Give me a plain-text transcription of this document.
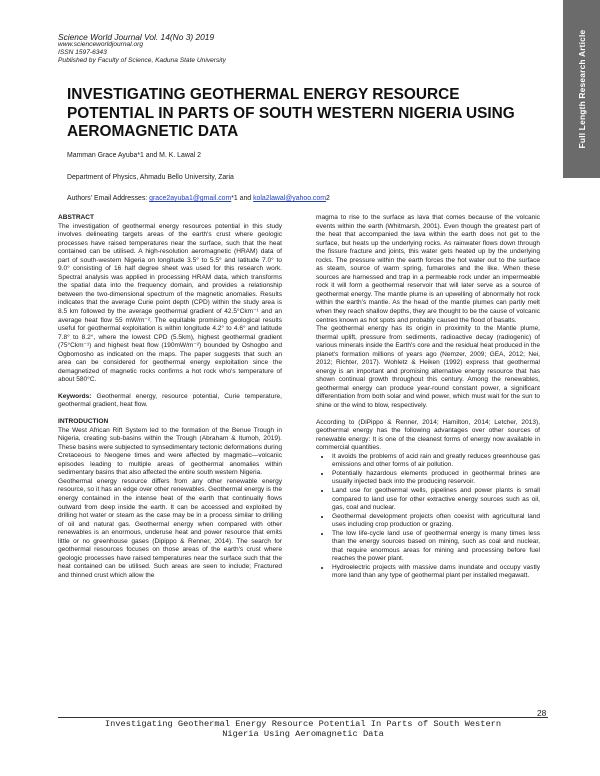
Science World Journal Vol. 14(No 3) 2019
www.scienceworldjournal.org
ISSN 1597-6343
Published by Faculty of Science, Kaduna State University	Full Length Research Article
INVESTIGATING GEOTHERMAL ENERGY RESOURCE POTENTIAL IN PARTS OF SOUTH WESTERN NIGERIA USING AEROMAGNETIC DATA
Mamman Grace Ayuba*1 and M. K. Lawal 2
Department of Physics, Ahmadu Bello University, Zaria
Authors' Email Addresses: grace2ayuba1@gmail.com*1 and kola2lawal@yahoo.com2

ABSTRACT

The investigation of geothermal energy resources potential in this study involves delineating targets areas of the earth's crust where geologic processes have raised temperatures near the surface, such that the heat contained can be utilised. A high-resolution aeromagnetic (HRAM) data of part of south-western Nigeria on longitude 3.5° to 5.5° and latitude 7.0° to 9.0° consisting of 16 half degree sheet was used for this research work. Spectral analysis was applied in processing HRAM data, which transforms the spatial data into the frequency domain, and provides a relationship between the two-dimensional spectrum of the magnetic anomalies. Results indicates that the average Curie point depth (CPD) within the study area is 8.5 km followed by the average geothermal gradient of 42.5°Ckm⁻¹ and an average heat flow 55 mW/m⁻². The equitable promising geological results useful for geothermal exploitation is within longitude 4.2° to 4.6° and latitude 7.8° to 8.2°, where the lowest CPD (5.5km), highest geothermal gradient (75°Ckm⁻¹) and highest heat flow (190mW/m⁻²) bounded by Oshogbo and Ogbomosho as indicated on the maps. The paper suggests that such an area can be considered for geothermal energy exploitation since the demagnetized of magnetic rocks confirms a hot rock who's temperature of about 580°C.

Keywords: Geothermal energy, resource potential, Curie temperature, geothermal gradient, heat flow.

INTRODUCTION

The West African Rift System led to the formation of the Benue Trough in Nigeria, creating sub-basins within the Trough (Abraham & Itumoh, 2019). These basins were subjected to synsedimentary tectonic deformations during Cretaceous to Neogene times and were affected by magmatic—volcanic episodes leading to multiple areas of geothermal anomalies within sedimentary basins that also affected the entire south western Nigeria.

Geothermal energy resource differs from any other renewable energy resource, so it has an edge over other renewables. Geothermal energy is the energy contained in the intense heat of the earth that continually flows outward from deep inside the earth. It can be accessed and exploited by drilling hot water or steam as the case may be in a process similar to drilling of oil and natural gas. Geothermal energy when compared with other renewables is an enormous, underuse heat and power resource that emits little or no greenhouse gases (Dipippo & Renner, 2014). The search for geothermal resources focuses on those areas of the earth's crust where geologic processes have raised temperatures near the surface such that the heat contained can be utilised. Such areas are seen to include; Fractured and thinned crust which allow the

magma to rise to the surface as lava that comes because of the volcanic events within the earth (Whitmarsh, 2001). Even though the greatest part of the heat that accompanied the lava within the earth does not get to the surface, but heats up the underlying rocks. As rainwater flows down through the fissure fracture and joints, this water gets heated up by the underlying rocks. The pressure within the earth forces the hot water out to the surface as steam, source of warm spring, fumaroles and the like. When these sources are harnessed and trap in a permeable rock under an impermeable rock it will form a geothermal reservoir that will later serve as a source of geothermal energy. The mantle plume is an upwelling of abnormally hot rock within the earth's mantle. As the head of the mantle plumes can partly melt when they reach shallow depths, they are thought to be the cause of volcanic centres known as hot spots and probably caused the flood of basalts.

The geothermal energy has its origin in proximity to the Mantle plume, thermal uplift, pressure from sediments, radioactive decay (radiogenic) of various minerals inside the Earth's core and the residual heat produced in the planet's formation millions of years ago (Nemzer, 2009; GEA, 2012; Nei, 2012; Richter, 2017). Wohletz & Heiken (1992) express that geothermal energy is an important and promising alternative energy resource that has shown continual growth throughout this century. Among the renewables, geothermal energy can produce year-round constant power, a significant differentiation from both solar and wind power, which must wait for the sun to shine or the wind to blow, respectively.

According to (DiPippo & Renner, 2014; Hamilton, 2014; Letcher, 2013), geothermal energy has the following advantages over other sources of renewable energy: It is one of the cleanest forms of energy now available in commercial quantities.

• It avoids the problems of acid rain and greatly reduces greenhouse gas emissions and other forms of air pollution.
• Potentially hazardous elements produced in geothermal brines are usually injected back into the producing reservoir.
• Land use for geothermal wells, pipelines and power plants is small compared to land use for other extractive energy sources such as oil, gas, coal and nuclear.
• Geothermal development projects often coexist with agricultural land uses including crop production or grazing.
• The low life-cycle land use of geothermal energy is many times less than the energy sources based on mining, such as coal and nuclear, that require enormous areas for mining and processing before fuel reaches the power plant.
• Hydroelectric projects with massive dams inundate and occupy vastly more land than any type of geothermal plant per installed megawatt.
28
Investigating Geothermal Energy Resource Potential In Parts of South Western
Nigeria Using Aeromagnetic Data
